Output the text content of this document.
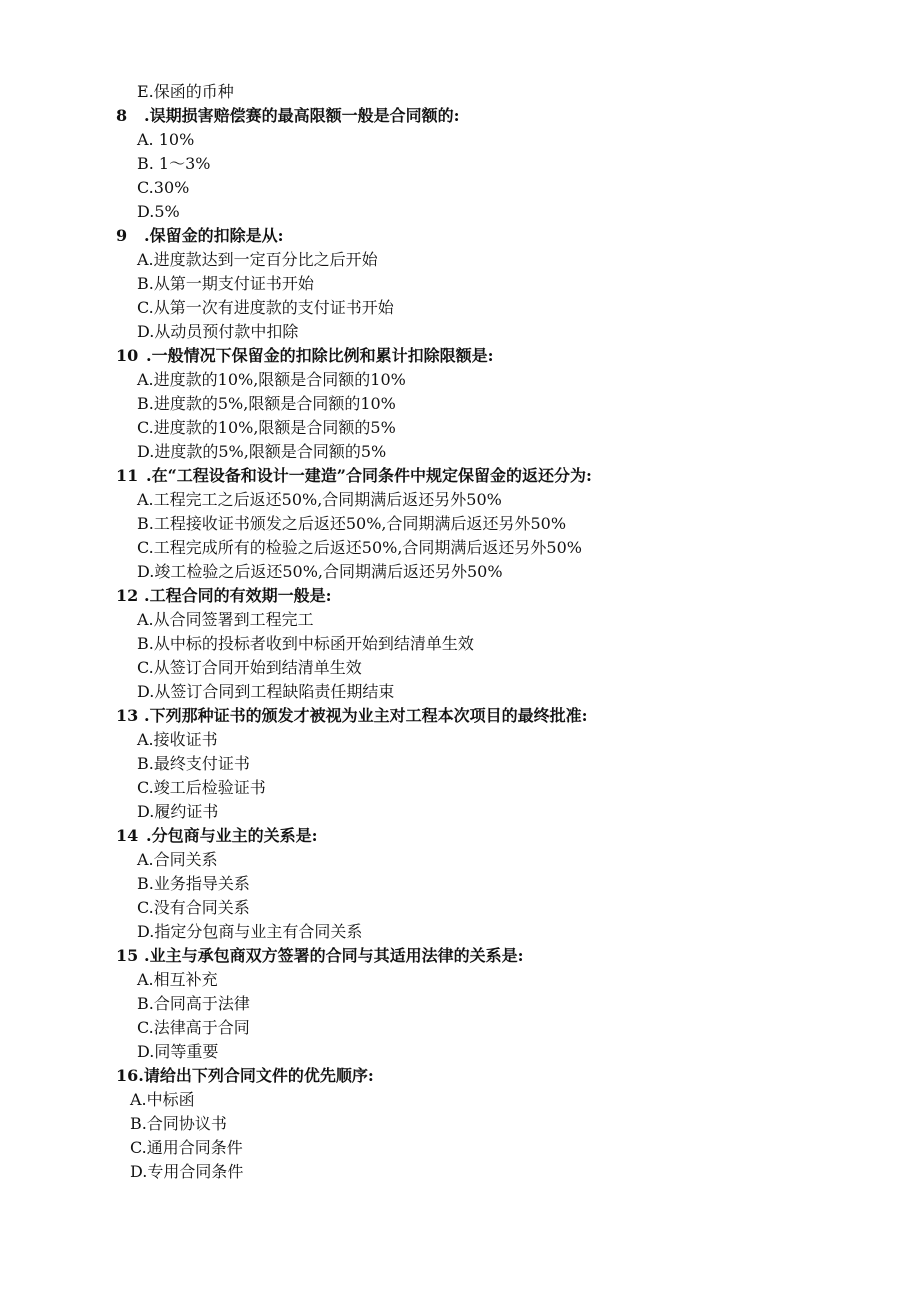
E.保函的币种
8 .误期损害赔偿赛的最高限额一般是合同额的:
A. 10%
B. 1～3%
C.30%
D.5%
9 .保留金的扣除是从:
A.进度款达到一定百分比之后开始
B.从第一期支付证书开始
C.从第一次有进度款的支付证书开始
D.从动员预付款中扣除
10 .一般情况下保留金的扣除比例和累计扣除限额是:
A.进度款的10%,限额是合同额的10%
B.进度款的5%,限额是合同额的10%
C.进度款的10%,限额是合同额的5%
D.进度款的5%,限额是合同额的5%
11 .在“工程设备和设计一建造”合同条件中规定保留金的返还分为:
A.工程完工之后返还50%,合同期满后返还另外50%
B.工程接收证书颁发之后返还50%,合同期满后返还另外50%
C.工程完成所有的检验之后返还50%,合同期满后返还另外50%
D.竣工检验之后返还50%,合同期满后返还另外50%
12 .工程合同的有效期一般是:
A.从合同签署到工程完工
B.从中标的投标者收到中标函开始到结清单生效
C.从签订合同开始到结清单生效
D.从签订合同到工程缺陷责任期结束
13 .下列那种证书的颁发才被视为业主对工程本次项目的最终批准:
A.接收证书
B.最终支付证书
C.竣工后检验证书
D.履约证书
14 .分包商与业主的关系是:
A.合同关系
B.业务指导关系
C.没有合同关系
D.指定分包商与业主有合同关系
15 .业主与承包商双方签署的合同与其适用法律的关系是:
A.相互补充
B.合同高于法律
C.法律高于合同
D.同等重要
16.请给出下列合同文件的优先顺序:
A.中标函
B.合同协议书
C.通用合同条件
D.专用合同条件
